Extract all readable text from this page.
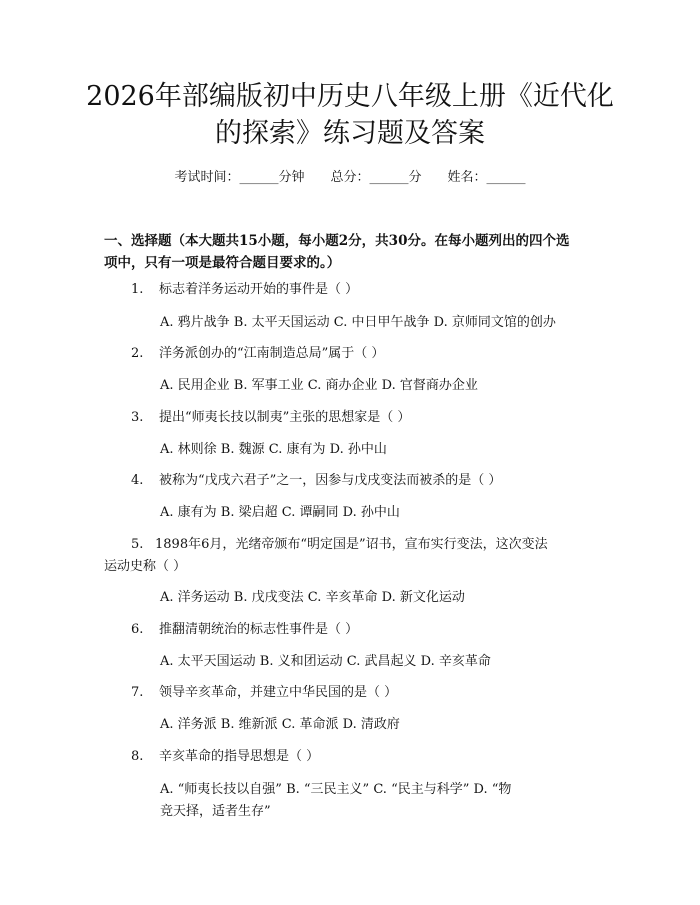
2026年部编版初中历史八年级上册《近代化
的探索》练习题及答案
考试时间：______分钟 总分：______分 姓名：______

一、选择题（本大题共15小题，每小题2分，共30分。在每小题列出的四个选
项中，只有一项是最符合题目要求的。）

1. 标志着洋务运动开始的事件是（ ）

A. 鸦片战争 B. 太平天国运动 C. 中日甲午战争 D. 京师同文馆的创办

2. 洋务派创办的“江南制造总局”属于（ ）

A. 民用企业 B. 军事工业 C. 商办企业 D. 官督商办企业

3. 提出“师夷长技以制夷”主张的思想家是（ ）

A. 林则徐 B. 魏源 C. 康有为 D. 孙中山

4. 被称为“戊戌六君子”之一，因参与戊戌变法而被杀的是（ ）

A. 康有为 B. 梁启超 C. 谭嗣同 D. 孙中山

5. 1898年6月，光绪帝颁布“明定国是”诏书，宣布实行变法，这次变法
运动史称（ ）

A. 洋务运动 B. 戊戌变法 C. 辛亥革命 D. 新文化运动

6. 推翻清朝统治的标志性事件是（ ）

A. 太平天国运动 B. 义和团运动 C. 武昌起义 D. 辛亥革命

7. 领导辛亥革命，并建立中华民国的是（ ）

A. 洋务派 B. 维新派 C. 革命派 D. 清政府

8. 辛亥革命的指导思想是（ ）

A. “师夷长技以自强” B. “三民主义” C. “民主与科学” D. “物
竞天择，适者生存”
